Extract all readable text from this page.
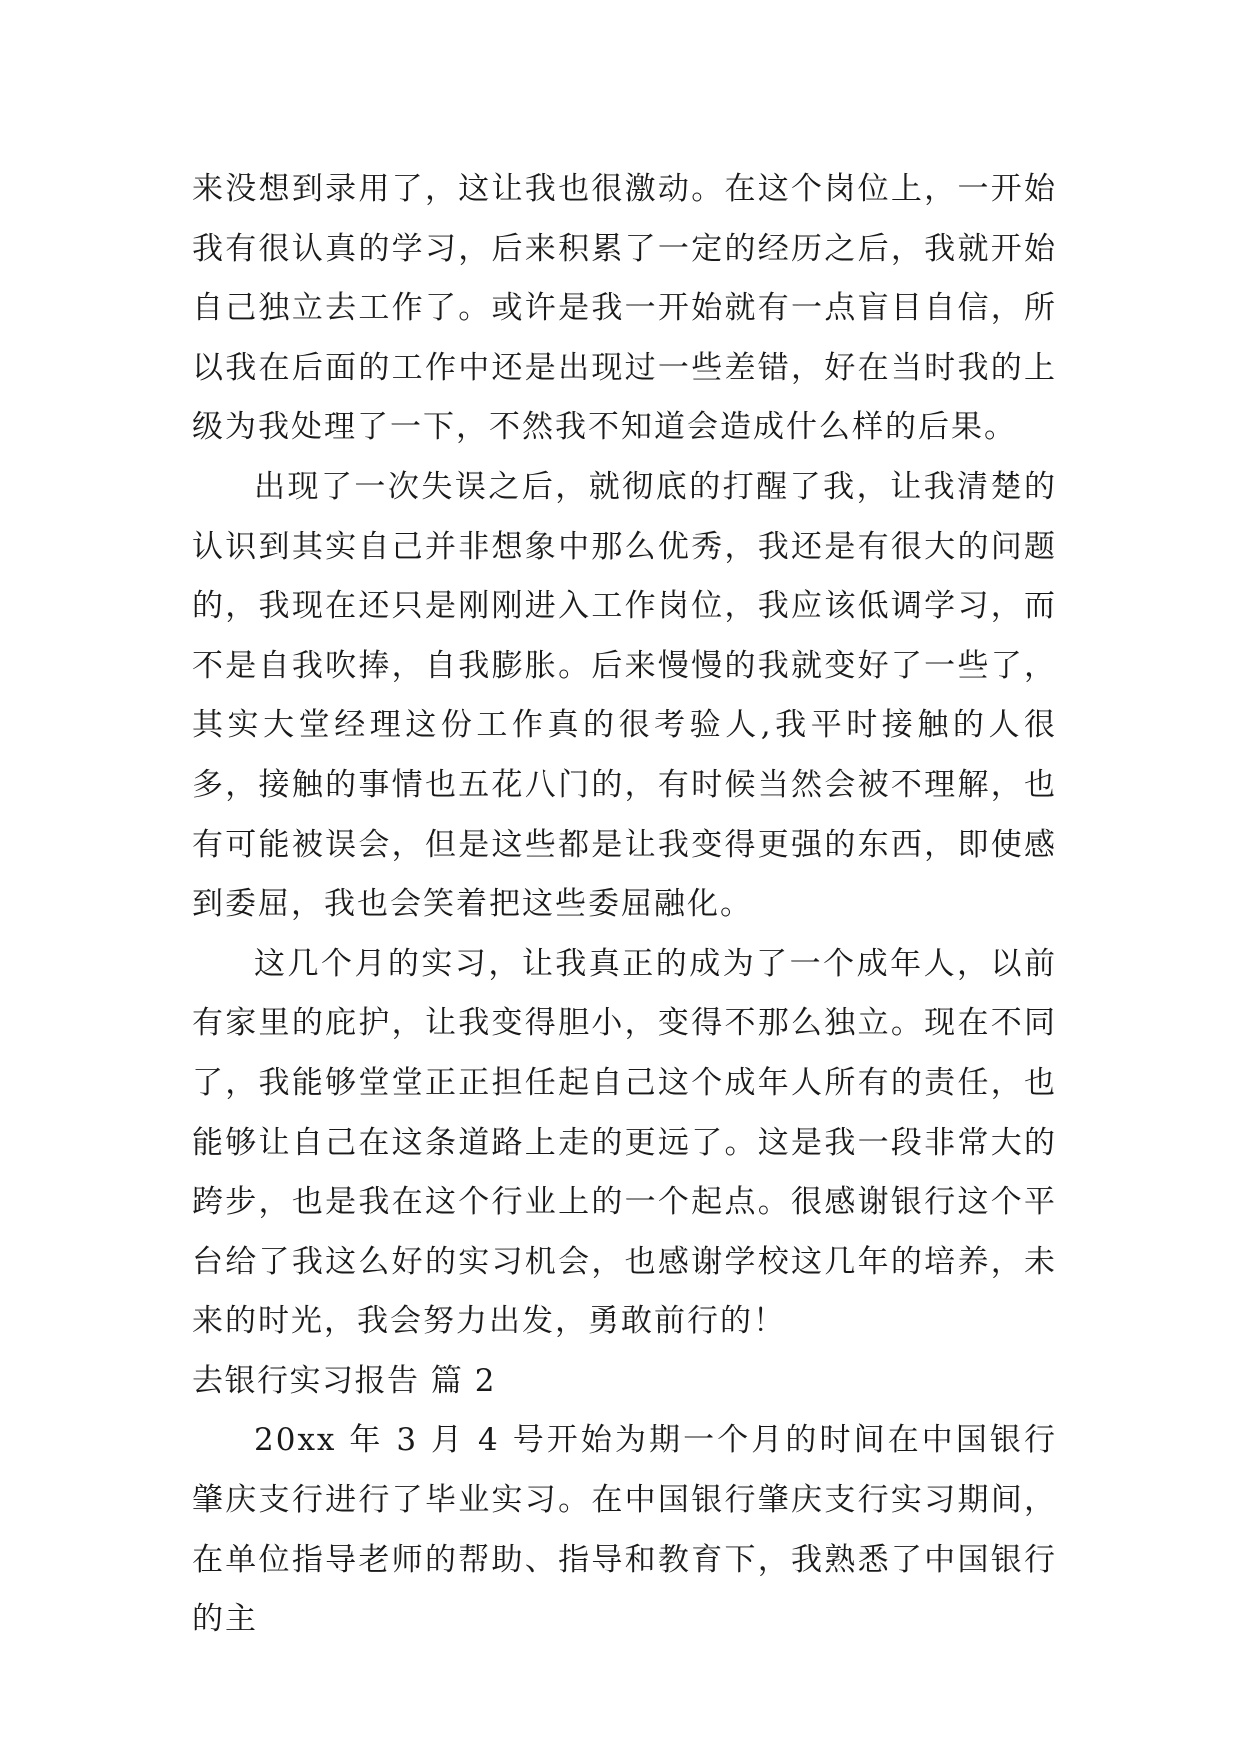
来没想到录用了，这让我也很激动。在这个岗位上，一开始我有很认真的学习，后来积累了一定的经历之后，我就开始自己独立去工作了。或许是我一开始就有一点盲目自信，所以我在后面的工作中还是出现过一些差错，好在当时我的上级为我处理了一下，不然我不知道会造成什么样的后果。

出现了一次失误之后，就彻底的打醒了我，让我清楚的认识到其实自己并非想象中那么优秀，我还是有很大的问题的，我现在还只是刚刚进入工作岗位，我应该低调学习，而不是自我吹捧，自我膨胀。后来慢慢的我就变好了一些了，其实大堂经理这份工作真的很考验人,我平时接触的人很多，接触的事情也五花八门的，有时候当然会被不理解，也有可能被误会，但是这些都是让我变得更强的东西，即使感到委屈，我也会笑着把这些委屈融化。

这几个月的实习，让我真正的成为了一个成年人，以前有家里的庇护，让我变得胆小，变得不那么独立。现在不同了，我能够堂堂正正担任起自己这个成年人所有的责任，也能够让自己在这条道路上走的更远了。这是我一段非常大的跨步，也是我在这个行业上的一个起点。很感谢银行这个平台给了我这么好的实习机会，也感谢学校这几年的培养，未来的时光，我会努力出发，勇敢前行的！

去银行实习报告 篇 2

20xx 年 3 月 4 号开始为期一个月的时间在中国银行肇庆支行进行了毕业实习。在中国银行肇庆支行实习期间，在单位指导老师的帮助、指导和教育下，我熟悉了中国银行的主
